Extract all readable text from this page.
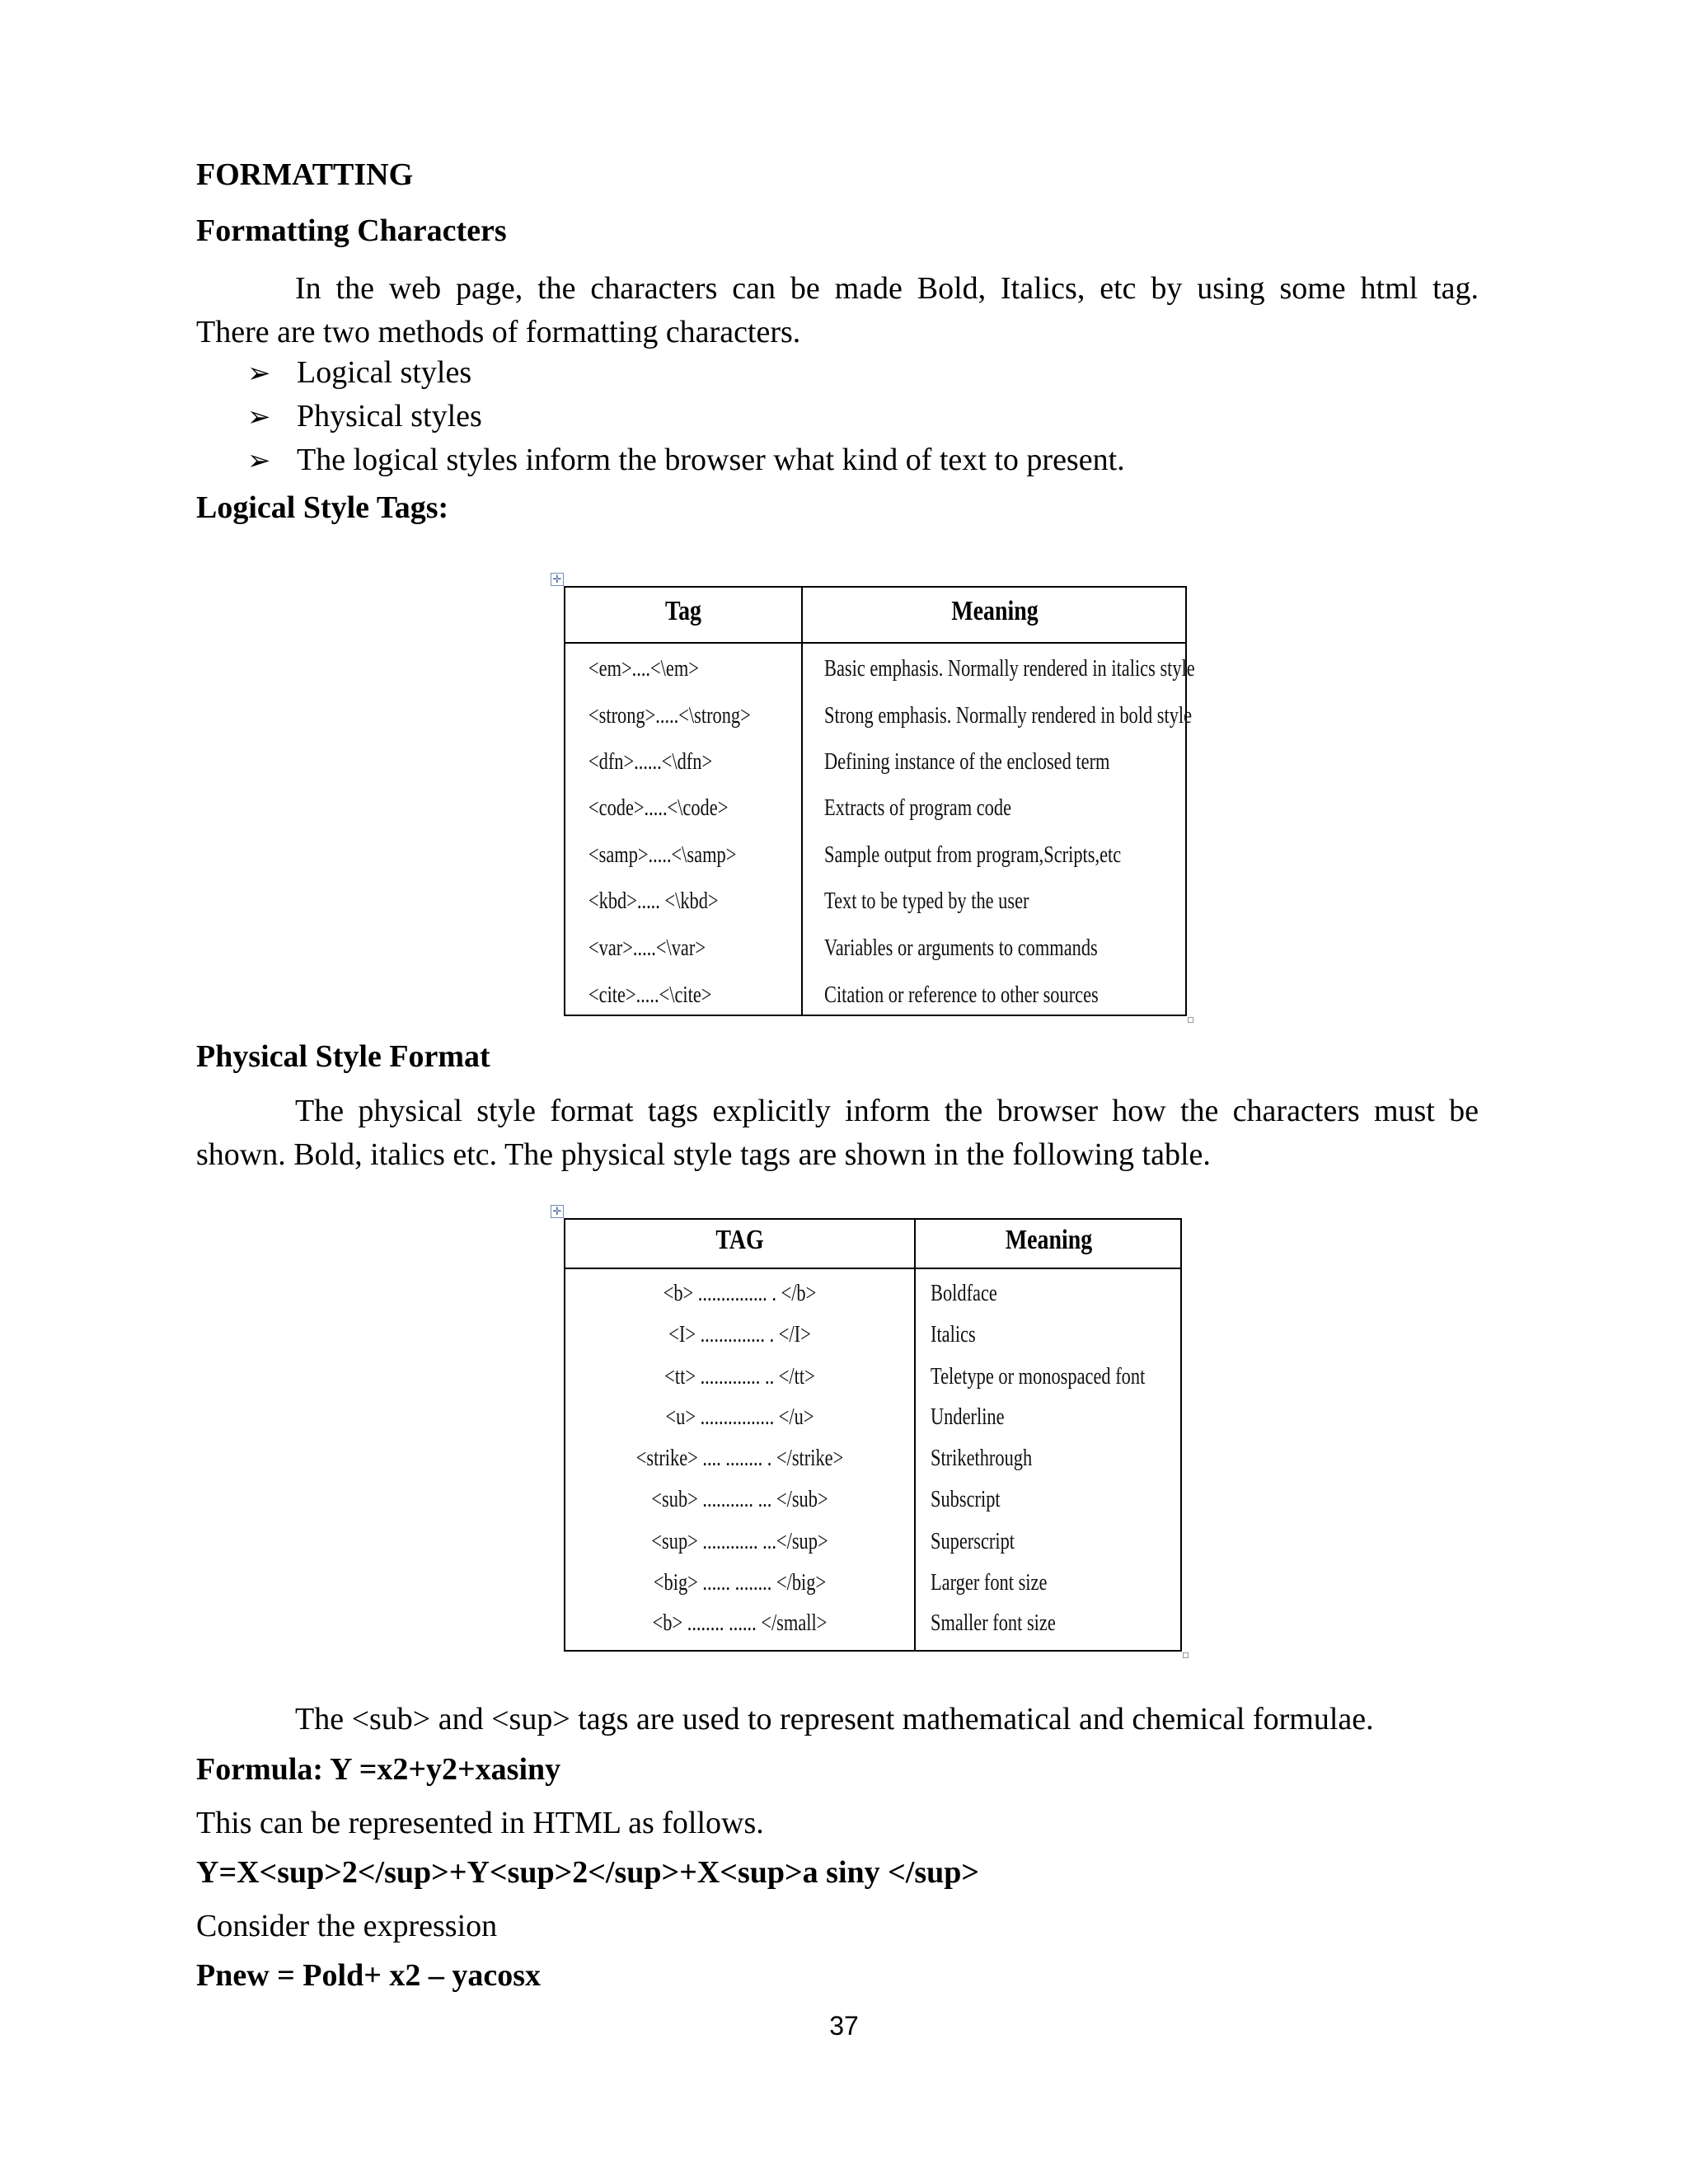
FORMATTING
Formatting Characters
In the web page, the characters can be made Bold, Italics, etc by using some html tag.
There are two methods of formatting characters.
➢ Logical styles
➢ Physical styles
➢ The logical styles inform the browser what kind of text to present.
Logical Style Tags:
✛
Tag	Meaning
<em>....<\em>	Basic emphasis. Normally rendered in italics style
<strong>.....<\strong>	Strong emphasis. Normally rendered in bold style
<dfn>......<\dfn>	Defining instance of the enclosed term
<code>.....<\code>	Extracts of program code
<samp>.....<\samp>	Sample output from program,Scripts,etc
<kbd>..... <\kbd>	Text to be typed by the user
<var>.....<\var>	Variables or arguments to commands
<cite>.....<\cite>	Citation or reference to other sources
Physical Style Format
The physical style format tags explicitly inform the browser how the characters must be
shown. Bold, italics etc. The physical style tags are shown in the following table.
✛
TAG	Meaning
<b> ............... . </b>	Boldface
<I> .............. . </I>	Italics
<tt> ............. .. </tt>	Teletype or monospaced font
<u> ................ </u>	Underline
<strike> .... ........ . </strike>	Strikethrough
<sub> ........... ... </sub>	Subscript
<sup> ............ ...</sup>	Superscript
<big> ...... ........ </big>	Larger font size
<b> ........ ...... </small>	Smaller font size
The <sub> and <sup> tags are used to represent mathematical and chemical formulae.
Formula: Y =x2+y2+xasiny
This can be represented in HTML as follows.
Y=X<sup>2</sup>+Y<sup>2</sup>+X<sup>a siny </sup>
Consider the expression
Pnew = Pold+ x2 – yacosx
37
